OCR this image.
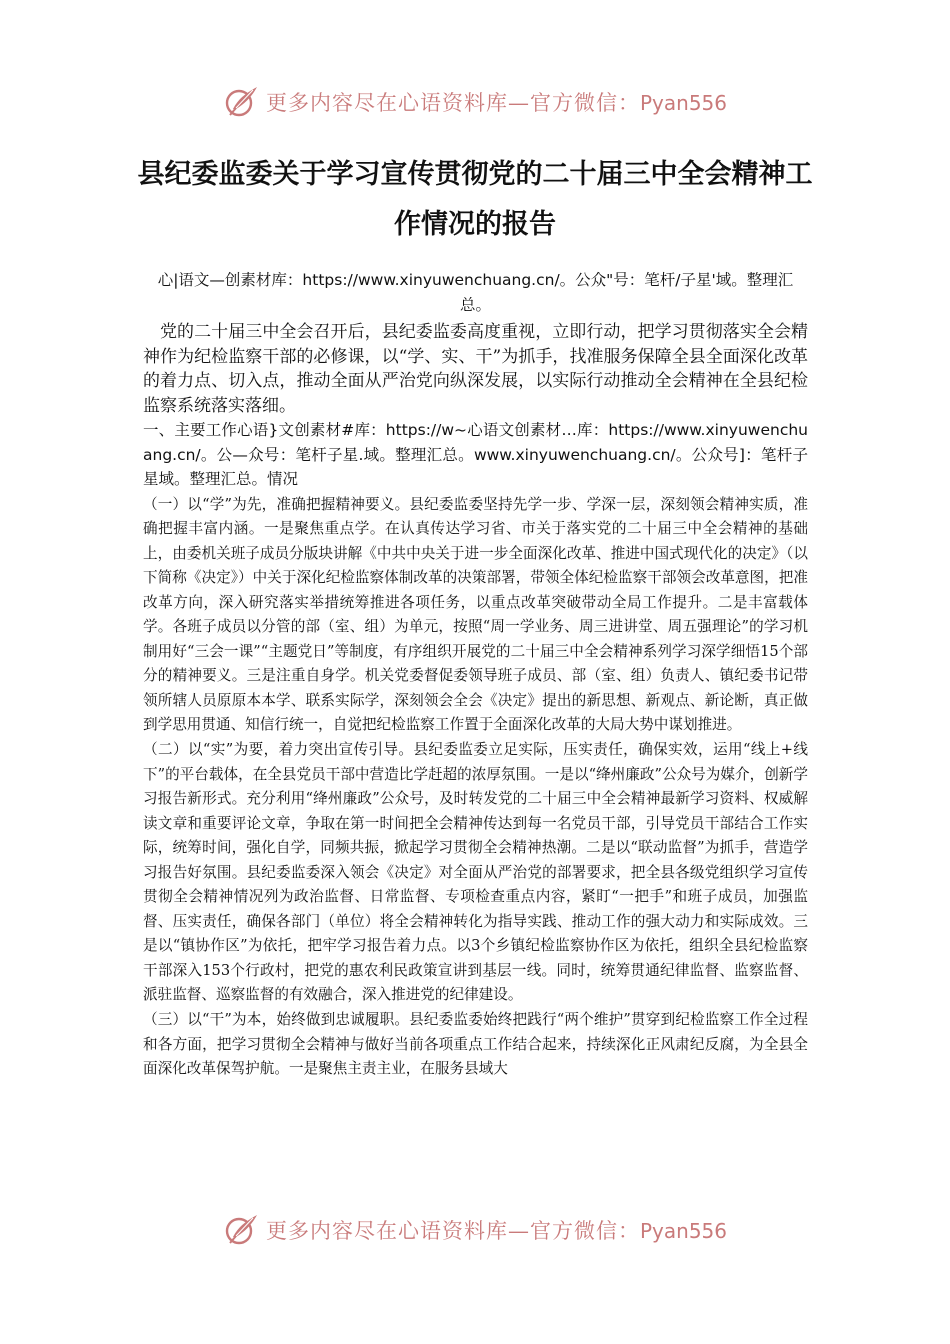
更多内容尽在心语资料库—官方微信：Pyan556
县纪委监委关于学习宣传贯彻党的二十届三中全会精神工作情况的报告

心|语文—创素材库：https://www.xinyuwenchuang.cn/。公众"号：笔杆/子星'域。整理汇总。

党的二十届三中全会召开后，县纪委监委高度重视，立即行动，把学习贯彻落实全会精神作为纪检监察干部的必修课，以“学、实、干”为抓手，找准服务保障全县全面深化改革的着力点、切入点，推动全面从严治党向纵深发展，以实际行动推动全会精神在全县纪检监察系统落实落细。

一、主要工作心语}文创素材#库：https://w~心语文创素材…库：https://www.xinyuwenchuang.cn/。公—众号：笔杆子星.域。整理汇总。www.xinyuwenchuang.cn/。公众号]：笔杆子星域。整理汇总。情况

（一）以“学”为先，准确把握精神要义。县纪委监委坚持先学一步、学深一层，深刻领会精神实质，准确把握丰富内涵。一是聚焦重点学。在认真传达学习省、市关于落实党的二十届三中全会精神的基础上，由委机关班子成员分版块讲解《中共中央关于进一步全面深化改革、推进中国式现代化的决定》（以下简称《决定》）中关于深化纪检监察体制改革的决策部署，带领全体纪检监察干部领会改革意图，把准改革方向，深入研究落实举措统筹推进各项任务，以重点改革突破带动全局工作提升。二是丰富载体学。各班子成员以分管的部（室、组）为单元，按照“周一学业务、周三进讲堂、周五强理论”的学习机制用好“三会一课”“主题党日”等制度，有序组织开展党的二十届三中全会精神系列学习深学细悟15个部分的精神要义。三是注重自身学。机关党委督促委领导班子成员、部（室、组）负责人、镇纪委书记带领所辖人员原原本本学、联系实际学，深刻领会全会《决定》提出的新思想、新观点、新论断，真正做到学思用贯通、知信行统一，自觉把纪检监察工作置于全面深化改革的大局大势中谋划推进。

（二）以“实”为要，着力突出宣传引导。县纪委监委立足实际，压实责任，确保实效，运用“线上+线下”的平台载体，在全县党员干部中营造比学赶超的浓厚氛围。一是以“绛州廉政”公众号为媒介，创新学习报告新形式。充分利用“绛州廉政”公众号，及时转发党的二十届三中全会精神最新学习资料、权威解读文章和重要评论文章，争取在第一时间把全会精神传达到每一名党员干部，引导党员干部结合工作实际，统筹时间，强化自学，同频共振，掀起学习贯彻全会精神热潮。二是以“联动监督”为抓手，营造学习报告好氛围。县纪委监委深入领会《决定》对全面从严治党的部署要求，把全县各级党组织学习宣传贯彻全会精神情况列为政治监督、日常监督、专项检查重点内容，紧盯“一把手”和班子成员，加强监督、压实责任，确保各部门（单位）将全会精神转化为指导实践、推动工作的强大动力和实际成效。三是以“镇协作区”为依托，把牢学习报告着力点。以3个乡镇纪检监察协作区为依托，组织全县纪检监察干部深入153个行政村，把党的惠农利民政策宣讲到基层一线。同时，统筹贯通纪律监督、监察监督、派驻监督、巡察监督的有效融合，深入推进党的纪律建设。

（三）以“干”为本，始终做到忠诚履职。县纪委监委始终把践行“两个维护”贯穿到纪检监察工作全过程和各方面，把学习贯彻全会精神与做好当前各项重点工作结合起来，持续深化正风肃纪反腐，为全县全面深化改革保驾护航。一是聚焦主责主业，在服务县域大

更多内容尽在心语资料库—官方微信：Pyan556
